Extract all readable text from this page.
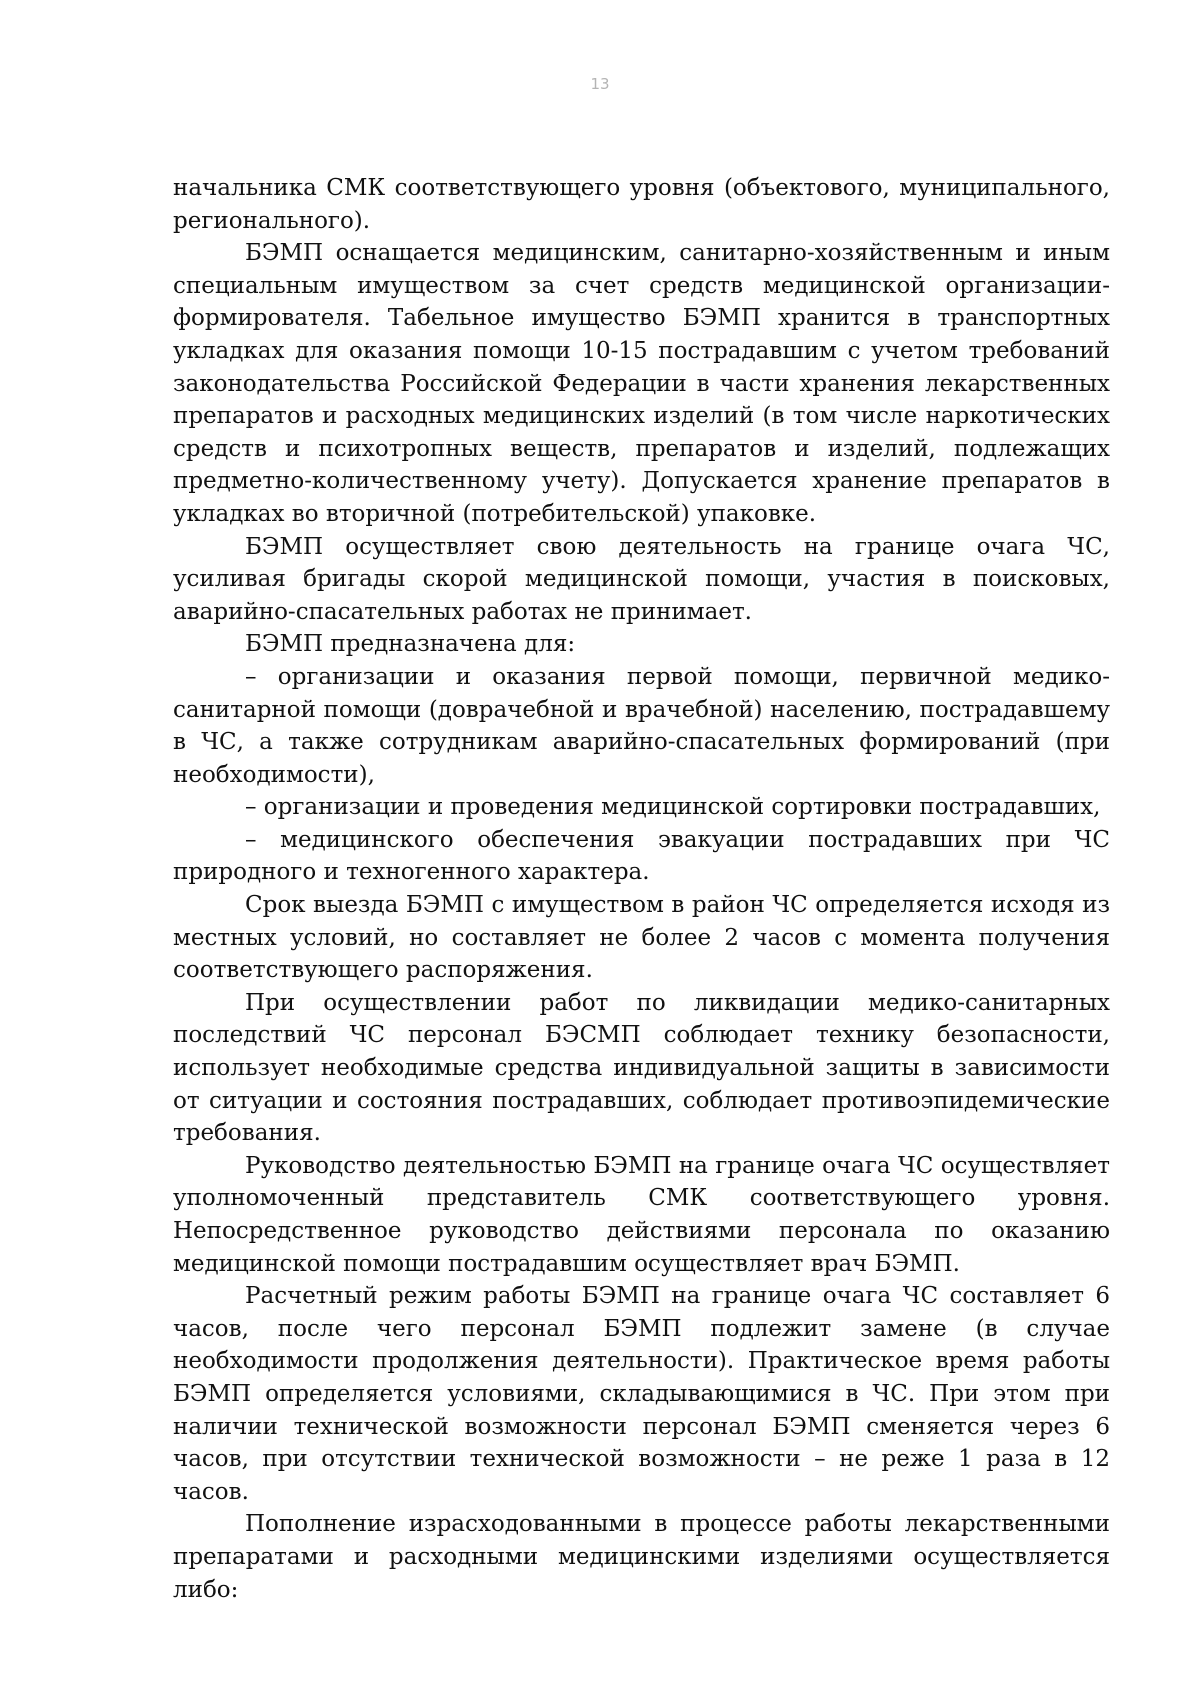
13

начальника СМК соответствующего уровня (объектового, муниципального, регионального).

БЭМП оснащается медицинским, санитарно-хозяйственным и иным специальным имуществом за счет средств медицинской организации-формирователя. Табельное имущество БЭМП хранится в транспортных укладках для оказания помощи 10-15 пострадавшим с учетом требований законодательства Российской Федерации в части хранения лекарственных препаратов и расходных медицинских изделий (в том числе наркотических средств и психотропных веществ, препаратов и изделий, подлежащих предметно-количественному учету). Допускается хранение препаратов в укладках во вторичной (потребительской) упаковке.

БЭМП осуществляет свою деятельность на границе очага ЧС, усиливая бригады скорой медицинской помощи, участия в поисковых, аварийно-спасательных работах не принимает.

БЭМП предназначена для:

– организации и оказания первой помощи, первичной медико-санитарной помощи (доврачебной и врачебной) населению, пострадавшему в ЧС, а также сотрудникам аварийно-спасательных формирований (при необходимости),

– организации и проведения медицинской сортировки пострадавших,

– медицинского обеспечения эвакуации пострадавших при ЧС природного и техногенного характера.

Срок выезда БЭМП с имуществом в район ЧС определяется исходя из местных условий, но составляет не более 2 часов с момента получения соответствующего распоряжения.

При осуществлении работ по ликвидации медико-санитарных последствий ЧС персонал БЭСМП соблюдает технику безопасности, использует необходимые средства индивидуальной защиты в зависимости от ситуации и состояния пострадавших, соблюдает противоэпидемические требования.

Руководство деятельностью БЭМП на границе очага ЧС осуществляет уполномоченный представитель СМК соответствующего уровня. Непосредственное руководство действиями персонала по оказанию медицинской помощи пострадавшим осуществляет врач БЭМП.

Расчетный режим работы БЭМП на границе очага ЧС составляет 6 часов, после чего персонал БЭМП подлежит замене (в случае необходимости продолжения деятельности). Практическое время работы БЭМП определяется условиями, складывающимися в ЧС. При этом при наличии технической возможности персонал БЭМП сменяется через 6 часов, при отсутствии технической возможности – не реже 1 раза в 12 часов.

Пополнение израсходованными в процессе работы лекарственными препаратами и расходными медицинскими изделиями осуществляется либо:
